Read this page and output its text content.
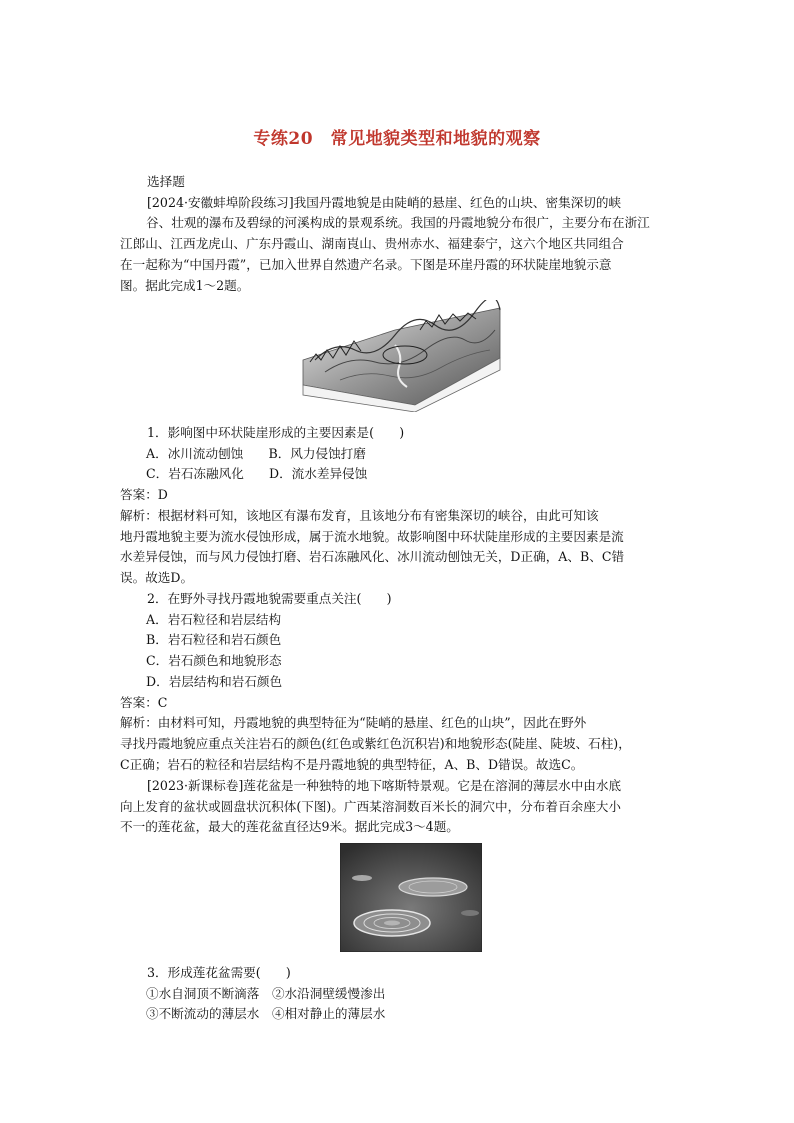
专练20　常见地貌类型和地貌的观察
选择题
[2024·安徽蚌埠阶段练习]我国丹霞地貌是由陡峭的悬崖、红色的山块、密集深切的峡
谷、壮观的瀑布及碧绿的河溪构成的景观系统。我国的丹霞地貌分布很广，主要分布在浙江
江郎山、江西龙虎山、广东丹霞山、湖南崀山、贵州赤水、福建泰宁，这六个地区共同组合
在一起称为“中国丹霞”，已加入世界自然遗产名录。下图是环崖丹霞的环状陡崖地貌示意
图。据此完成1～2题。
1．影响图中环状陡崖形成的主要因素是(　　)
A．冰川流动刨蚀　　B．风力侵蚀打磨
C．岩石冻融风化　　D．流水差异侵蚀
答案：D
解析：根据材料可知，该地区有瀑布发育，且该地分布有密集深切的峡谷，由此可知该
地丹霞地貌主要为流水侵蚀形成，属于流水地貌。故影响图中环状陡崖形成的主要因素是流
水差异侵蚀，而与风力侵蚀打磨、岩石冻融风化、冰川流动刨蚀无关，D正确，A、B、C错
误。故选D。
2．在野外寻找丹霞地貌需要重点关注(　　)
A．岩石粒径和岩层结构
B．岩石粒径和岩石颜色
C．岩石颜色和地貌形态
D．岩层结构和岩石颜色
答案：C
解析：由材料可知，丹霞地貌的典型特征为“陡峭的悬崖、红色的山块”，因此在野外
寻找丹霞地貌应重点关注岩石的颜色(红色或紫红色沉积岩)和地貌形态(陡崖、陡坡、石柱)，
C正确；岩石的粒径和岩层结构不是丹霞地貌的典型特征，A、B、D错误。故选C。
[2023·新课标卷]莲花盆是一种独特的地下喀斯特景观。它是在溶洞的薄层水中由水底
向上发育的盆状或圆盘状沉积体(下图)。广西某溶洞数百米长的洞穴中，分布着百余座大小
不一的莲花盆，最大的莲花盆直径达9米。据此完成3～4题。
3．形成莲花盆需要(　　)
①水自洞顶不断滴落　②水沿洞壁缓慢渗出
③不断流动的薄层水　④相对静止的薄层水
